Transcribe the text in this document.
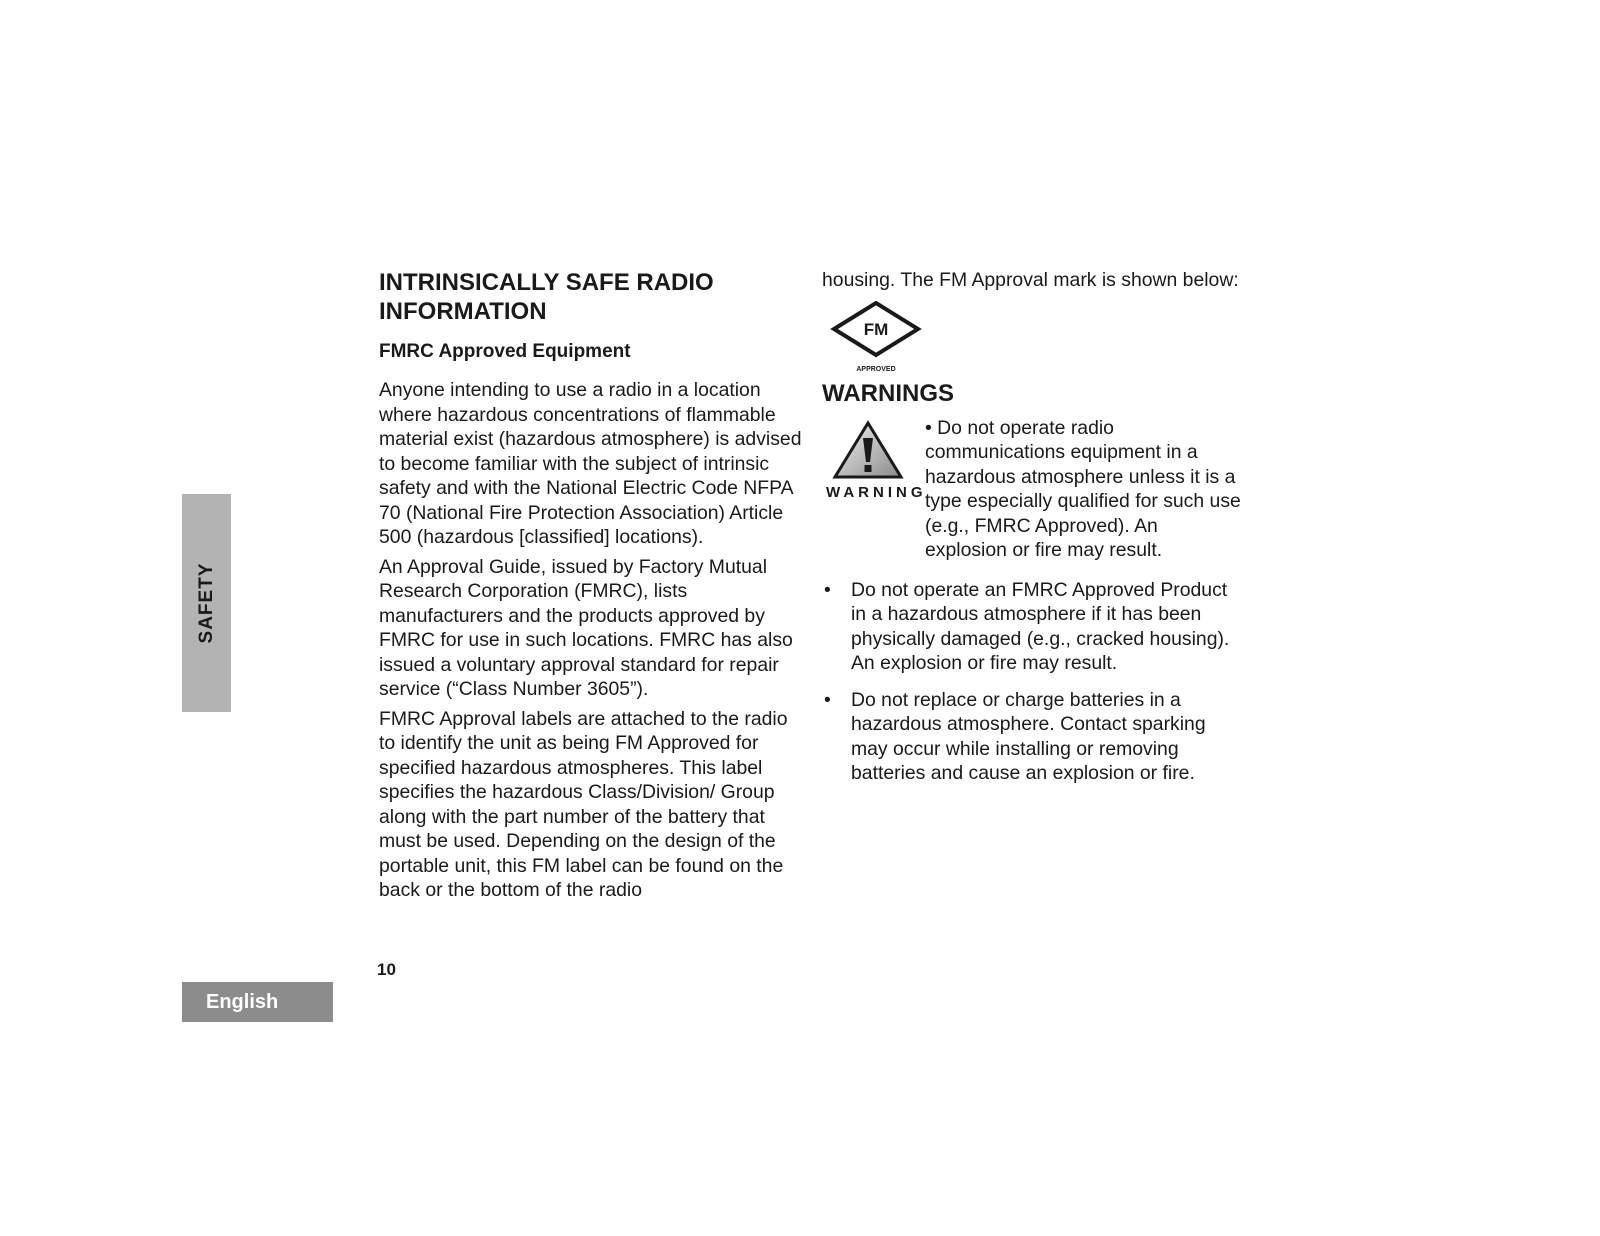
SAFETY
English
10
INTRINSICALLY SAFE RADIO
INFORMATION
FMRC Approved Equipment

Anyone intending to use a radio in a location where hazardous concentrations of flammable material exist (hazardous atmosphere) is advised to become familiar with the subject of intrinsic safety and with the National Electric Code NFPA 70 (National Fire Protection Association) Article 500 (hazardous [classified] locations).

An Approval Guide, issued by Factory Mutual Research Corporation (FMRC), lists manufacturers and the products approved by FMRC for use in such locations. FMRC has also issued a voluntary approval standard for repair service (“Class Number 3605”).

FMRC Approval labels are attached to the radio to identify the unit as being FM Approved for specified hazardous atmospheres. This label specifies the hazardous Class/Division/ Group along with the part number of the battery that must be used. Depending on the design of the portable unit, this FM label can be found on the back or the bottom of the radio

housing. The FM Approval mark is shown below:

FM
APPROVED
WARNINGS
WARNING
• Do not operate radio communications equipment in a hazardous atmosphere unless it is a type especially qualified for such use (e.g., FMRC Approved). An explosion or fire may result.
• Do not operate an FMRC Approved Product in a hazardous atmosphere if it has been physically damaged (e.g., cracked housing). An explosion or fire may result.
• Do not replace or charge batteries in a hazardous atmosphere. Contact sparking may occur while installing or removing batteries and cause an explosion or fire.
